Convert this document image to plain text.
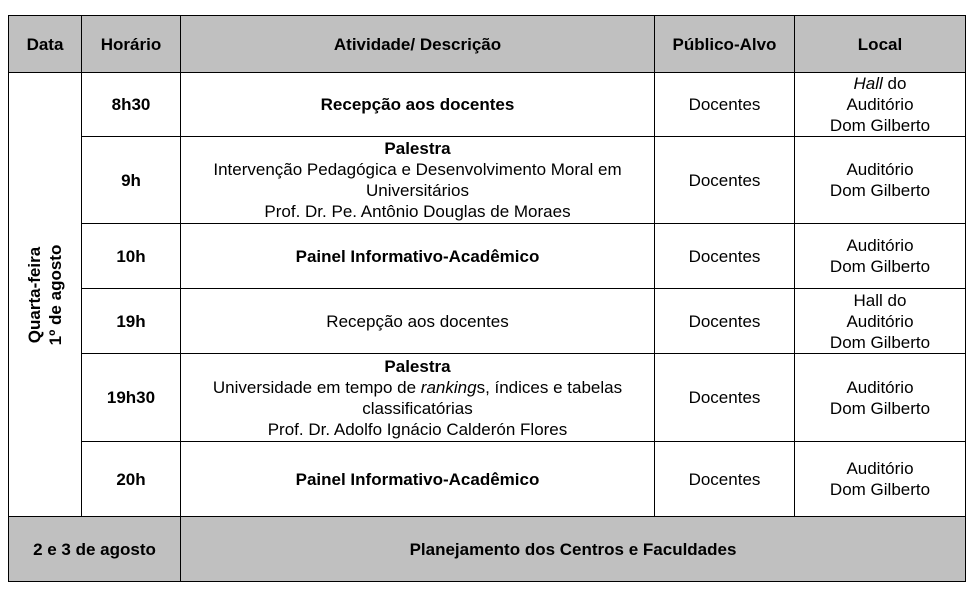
Data	Horário	Atividade/ Descrição	Público-Alvo	Local

Quarta-feira 1º de agosto	8h30	Recepção aos docentes	Docentes	Hall do
Auditório
Dom Gilberto

	9h	Palestra
Intervenção Pedagógica e Desenvolvimento Moral em
Universitários
Prof. Dr. Pe. Antônio Douglas de Moraes	Docentes	Auditório
Dom Gilberto

	10h	Painel Informativo-Acadêmico	Docentes	Auditório
Dom Gilberto

	19h	Recepção aos docentes	Docentes	Hall do
Auditório
Dom Gilberto

	19h30	Palestra
Universidade em tempo de rankings, índices e tabelas
classificatórias
Prof. Dr. Adolfo Ignácio Calderón Flores	Docentes	Auditório
Dom Gilberto

	20h	Painel Informativo-Acadêmico	Docentes	Auditório
Dom Gilberto

2 e 3 de agosto		Planejamento dos Centros e Faculdades		
